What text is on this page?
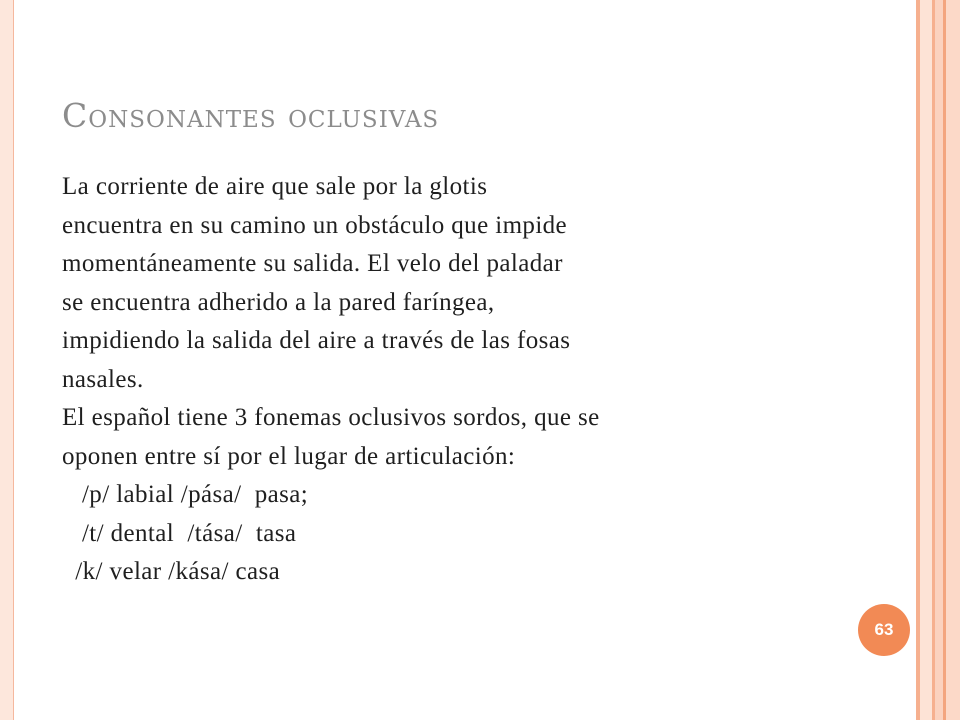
Consonantes oclusivas
La corriente de aire que sale por la glotis
encuentra en su camino un obstáculo que impide
momentáneamente su salida. El velo del paladar
se encuentra adherido a la pared faríngea,
impidiendo la salida del aire a través de las fosas
nasales.
El español tiene 3 fonemas oclusivos sordos, que se
oponen entre sí por el lugar de articulación:
/p/ labial /pása/  pasa;
/t/ dental  /tása/  tasa
/k/ velar /kása/ casa
63
